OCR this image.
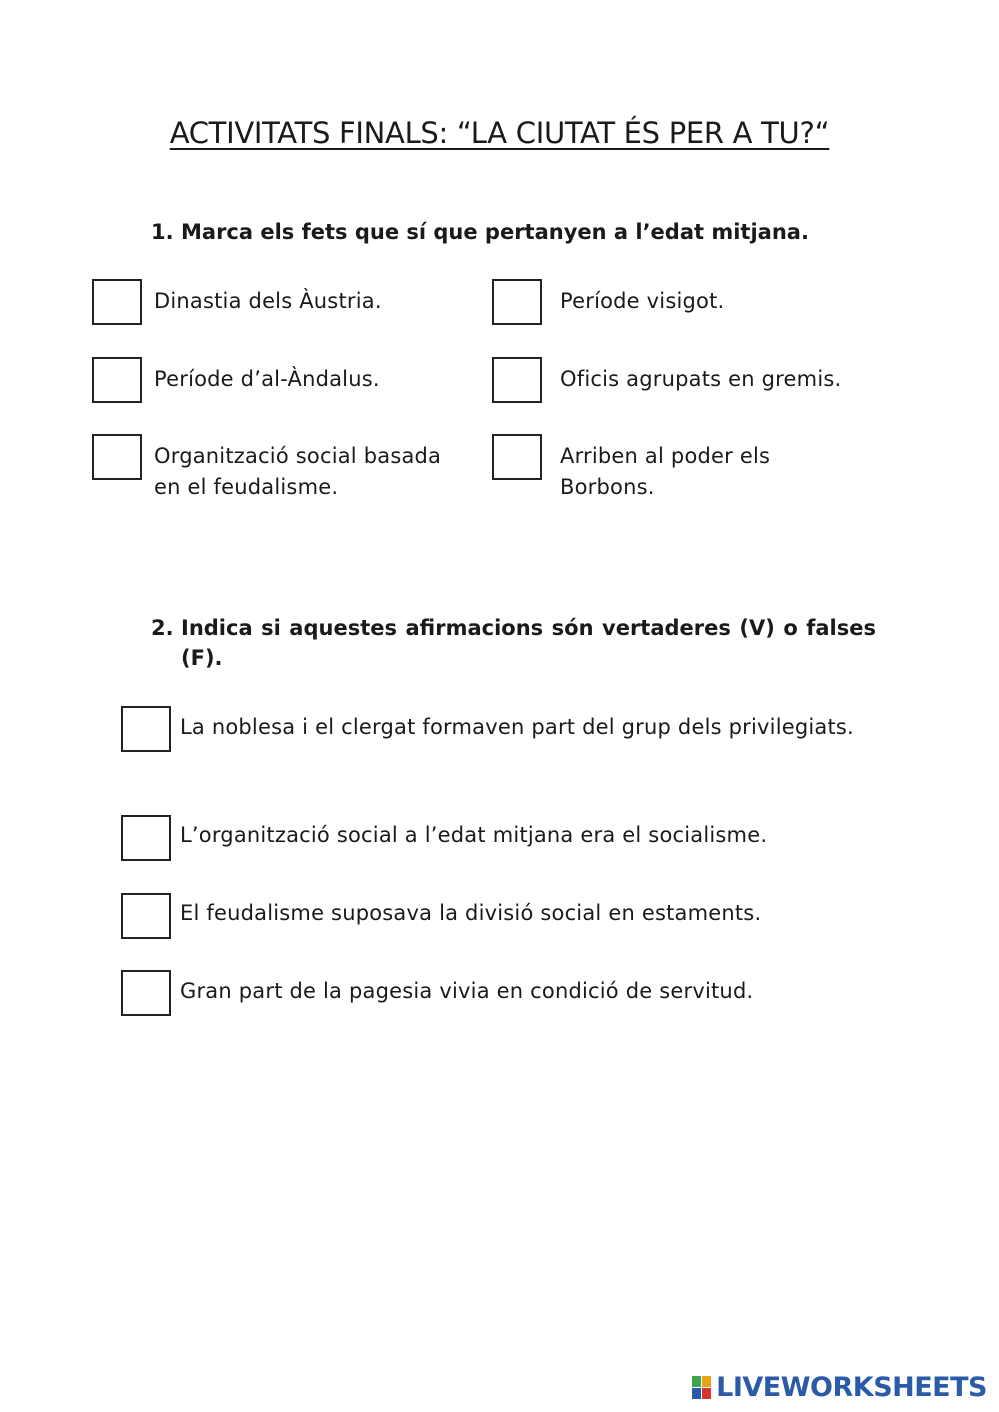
ACTIVITATS FINALS: “LA CIUTAT ÉS PER A TU?“
1. Marca els fets que sí que pertanyen a l’edat mitjana.
Dinastia dels Àustria.	Període visigot.
Període d’al-Àndalus.	Oficis agrupats en gremis.
Organització social basada en el feudalisme.
Arriben al poder els Borbons.
2. Indica si aquestes afirmacions són vertaderes (V) o falses (F).
La noblesa i el clergat formaven part del grup dels privilegiats.
L’organització social a l’edat mitjana era el socialisme.
El feudalisme suposava la divisió social en estaments.
Gran part de la pagesia vivia en condició de servitud.
LIVEWORKSHEETS
